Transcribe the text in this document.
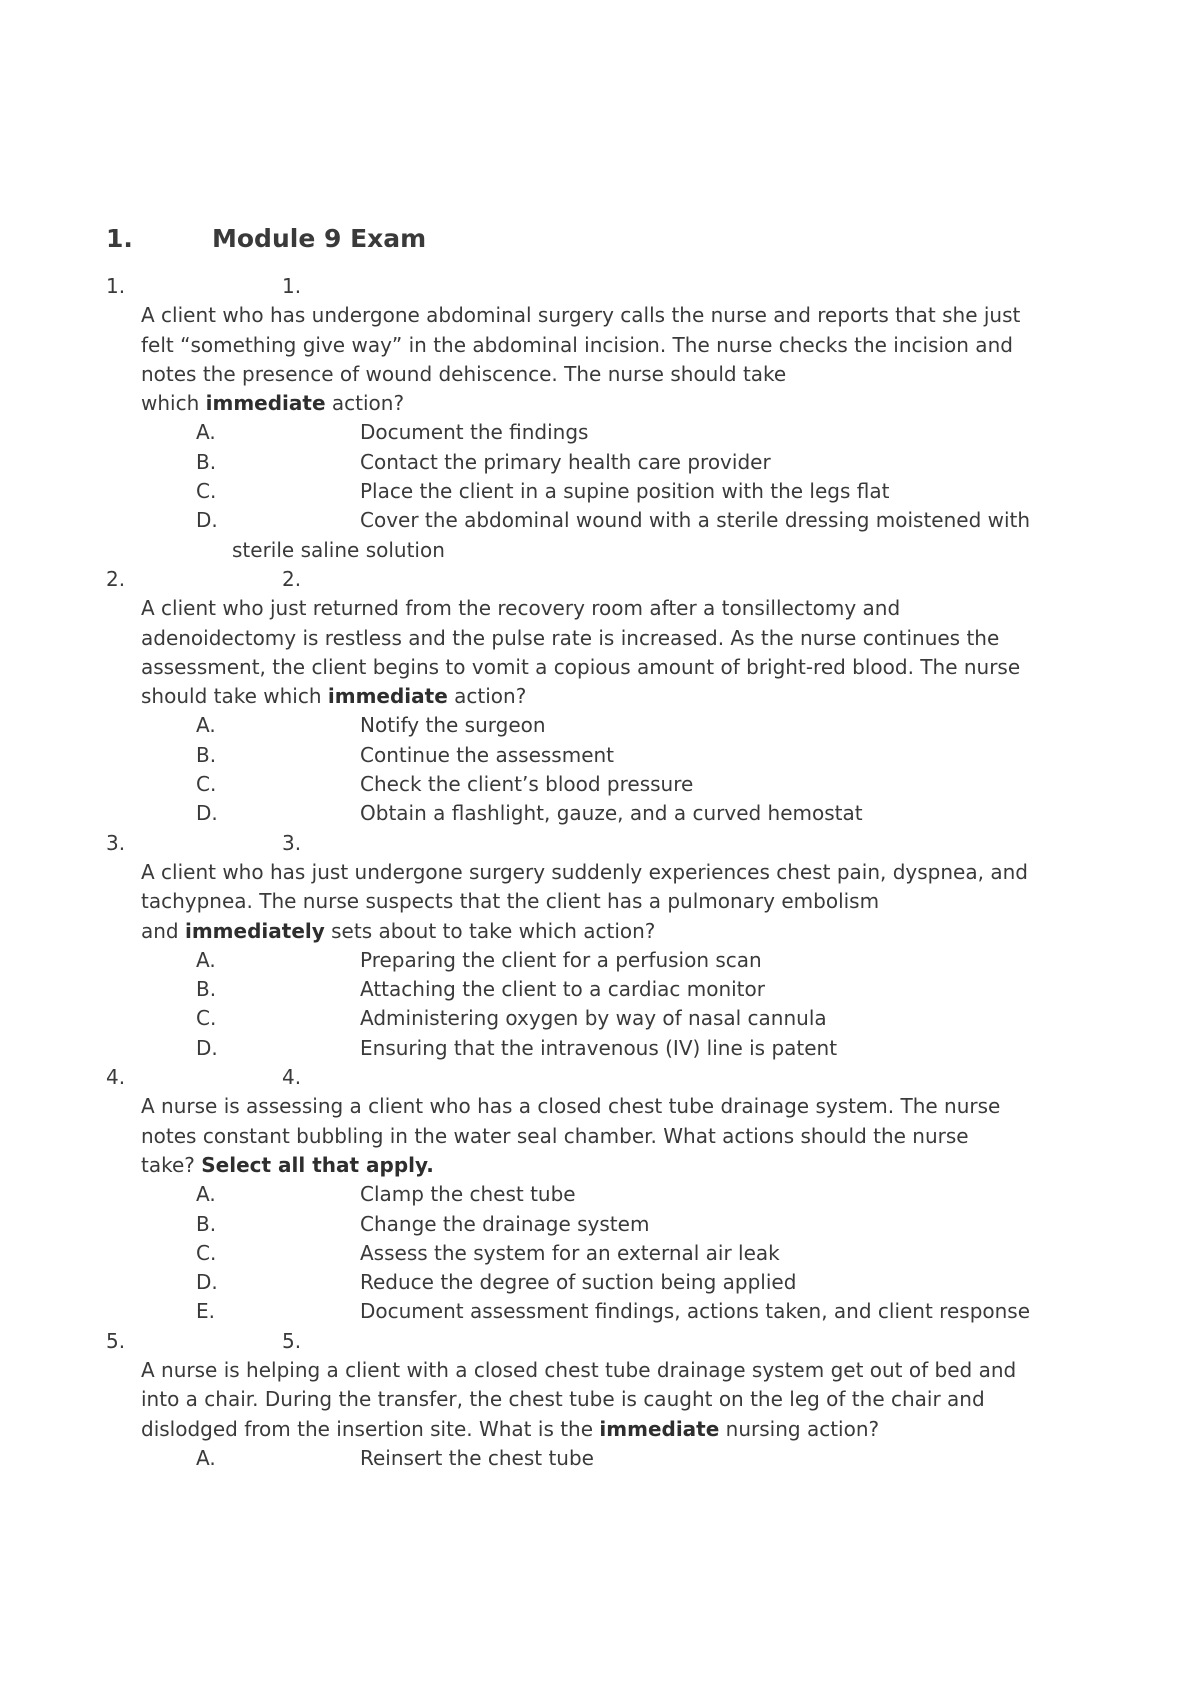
1.	Module 9 Exam
1.	1.
A client who has undergone abdominal surgery calls the nurse and reports that she just
felt “something give way” in the abdominal incision. The nurse checks the incision and
notes the presence of wound dehiscence. The nurse should take
which immediate action?
A.	Document the findings
B.	Contact the primary health care provider
C.	Place the client in a supine position with the legs flat
D.	Cover the abdominal wound with a sterile dressing moistened with
sterile saline solution
2.	2.
A client who just returned from the recovery room after a tonsillectomy and
adenoidectomy is restless and the pulse rate is increased. As the nurse continues the
assessment, the client begins to vomit a copious amount of bright-red blood. The nurse
should take which immediate action?
A.	Notify the surgeon
B.	Continue the assessment
C.	Check the client’s blood pressure
D.	Obtain a flashlight, gauze, and a curved hemostat
3.	3.
A client who has just undergone surgery suddenly experiences chest pain, dyspnea, and
tachypnea. The nurse suspects that the client has a pulmonary embolism
and immediately sets about to take which action?
A.	Preparing the client for a perfusion scan
B.	Attaching the client to a cardiac monitor
C.	Administering oxygen by way of nasal cannula
D.	Ensuring that the intravenous (IV) line is patent
4.	4.
A nurse is assessing a client who has a closed chest tube drainage system. The nurse
notes constant bubbling in the water seal chamber. What actions should the nurse
take? Select all that apply.
A.	Clamp the chest tube
B.	Change the drainage system
C.	Assess the system for an external air leak
D.	Reduce the degree of suction being applied
E.	Document assessment findings, actions taken, and client response
5.	5.
A nurse is helping a client with a closed chest tube drainage system get out of bed and
into a chair. During the transfer, the chest tube is caught on the leg of the chair and
dislodged from the insertion site. What is the immediate nursing action?
A.	Reinsert the chest tube
